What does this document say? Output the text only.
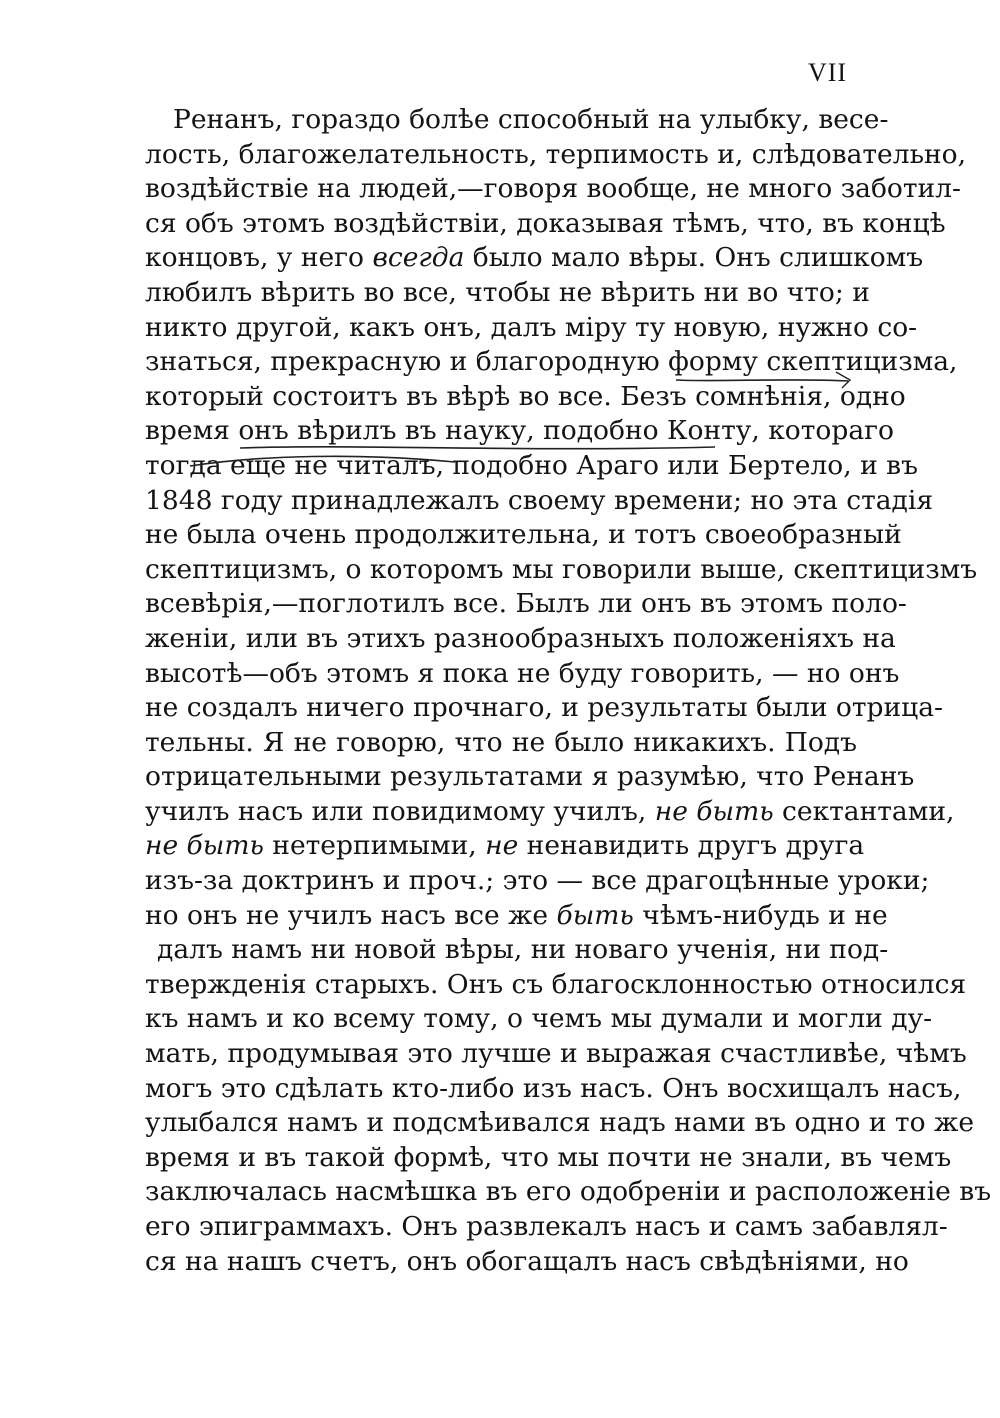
VII
Ренанъ, гораздо болѣе способный на улыбку, весе-
лость, благожелательность, терпимость и, слѣдовательно,
воздѣйствіе на людей,—говоря вообще, не много заботил-
ся объ этомъ воздѣйствіи, доказывая тѣмъ, что, въ концѣ
концовъ, у него всегда было мало вѣры. Онъ слишкомъ
любилъ вѣрить во все, чтобы не вѣрить ни во что; и
никто другой, какъ онъ, далъ міру ту новую, нужно со-
знаться, прекрасную и благородную форму скептицизма,
который состоитъ въ вѣрѣ во все. Безъ сомнѣнія, одно
время онъ вѣрилъ въ науку, подобно Конту, котораго
тогда еще не читалъ, подобно Араго или Бертело, и въ
1848 году принадлежалъ своему времени; но эта стадія
не была очень продолжительна, и тотъ своеобразный
скептицизмъ, о которомъ мы говорили выше, скептицизмъ
всевѣрія,—поглотилъ все. Былъ ли онъ въ этомъ поло-
женіи, или въ этихъ разнообразныхъ положеніяхъ на
высотѣ—объ этомъ я пока не буду говорить, — но онъ
не создалъ ничего прочнаго, и результаты были отрица-
тельны. Я не говорю, что не было никакихъ. Подъ
отрицательными результатами я разумѣю, что Ренанъ
училъ насъ или повидимому училъ, не быть сектантами,
не быть нетерпимыми, не ненавидить другъ друга
изъ-за доктринъ и проч.; это — все драгоцѣнные уроки;
но онъ не училъ насъ все же быть чѣмъ-нибудь и не
далъ намъ ни новой вѣры, ни новаго ученія, ни под-
твержденія старыхъ. Онъ съ благосклонностью относился
къ намъ и ко всему тому, о чемъ мы думали и могли ду-
мать, продумывая это лучше и выражая счастливѣе, чѣмъ
могъ это сдѣлать кто-либо изъ насъ. Онъ восхищалъ насъ,
улыбался намъ и подсмѣивался надъ нами въ одно и то же
время и въ такой формѣ, что мы почти не знали, въ чемъ
заключалась насмѣшка въ его одобреніи и расположеніе въ
его эпиграммахъ. Онъ развлекалъ насъ и самъ забавлял-
ся на нашъ счетъ, онъ обогащалъ насъ свѣдѣніями, но
